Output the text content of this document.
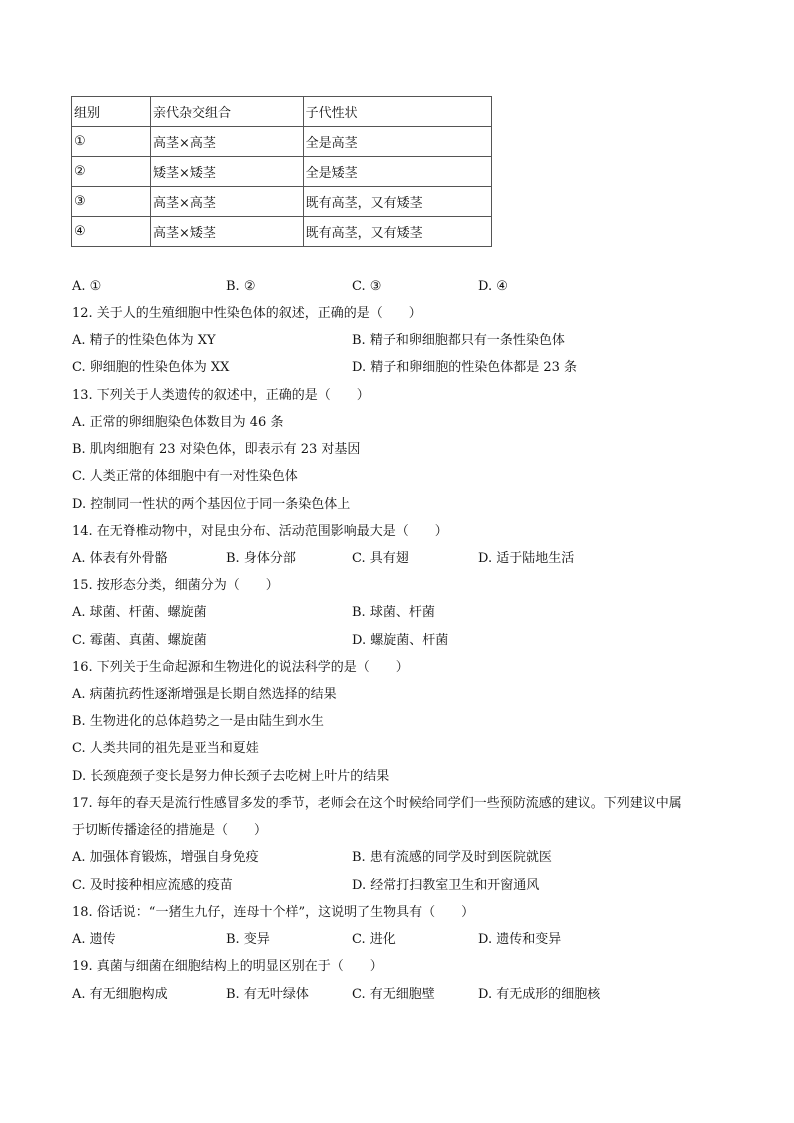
组别	亲代杂交组合	子代性状
①	高茎×高茎	全是高茎
②	矮茎×矮茎	全是矮茎
③	高茎×高茎	既有高茎，又有矮茎
④	高茎×矮茎	既有高茎，又有矮茎
A. ①	B. ②	C. ③	D. ④
12. 关于人的生殖细胞中性染色体的叙述，正确的是（　　）
A. 精子的性染色体为 XY	B. 精子和卵细胞都只有一条性染色体
C. 卵细胞的性染色体为 XX	D. 精子和卵细胞的性染色体都是 23 条
13. 下列关于人类遗传的叙述中，正确的是（　　）
A. 正常的卵细胞染色体数目为 46 条
B. 肌肉细胞有 23 对染色体，即表示有 23 对基因
C. 人类正常的体细胞中有一对性染色体
D. 控制同一性状的两个基因位于同一条染色体上
14. 在无脊椎动物中，对昆虫分布、活动范围影响最大是（　　）
A. 体表有外骨骼	B. 身体分部	C. 具有翅	D. 适于陆地生活
15. 按形态分类，细菌分为（　　）
A. 球菌、杆菌、螺旋菌	B. 球菌、杆菌
C. 霉菌、真菌、螺旋菌	D. 螺旋菌、杆菌
16. 下列关于生命起源和生物进化的说法科学的是（　　）
A. 病菌抗药性逐渐增强是长期自然选择的结果
B. 生物进化的总体趋势之一是由陆生到水生
C. 人类共同的祖先是亚当和夏娃
D. 长颈鹿颈子变长是努力伸长颈子去吃树上叶片的结果
17. 每年的春天是流行性感冒多发的季节，老师会在这个时候给同学们一些预防流感的建议。下列建议中属
于切断传播途径的措施是（　　）
A. 加强体育锻炼，增强自身免疫	B. 患有流感的同学及时到医院就医
C. 及时接种相应流感的疫苗	D. 经常打扫教室卫生和开窗通风
18. 俗话说：“一猪生九仔，连母十个样”，这说明了生物具有（　　）
A. 遗传	B. 变异	C. 进化	D. 遗传和变异
19. 真菌与细菌在细胞结构上的明显区别在于（　　）
A. 有无细胞构成	B. 有无叶绿体	C. 有无细胞壁	D. 有无成形的细胞核
